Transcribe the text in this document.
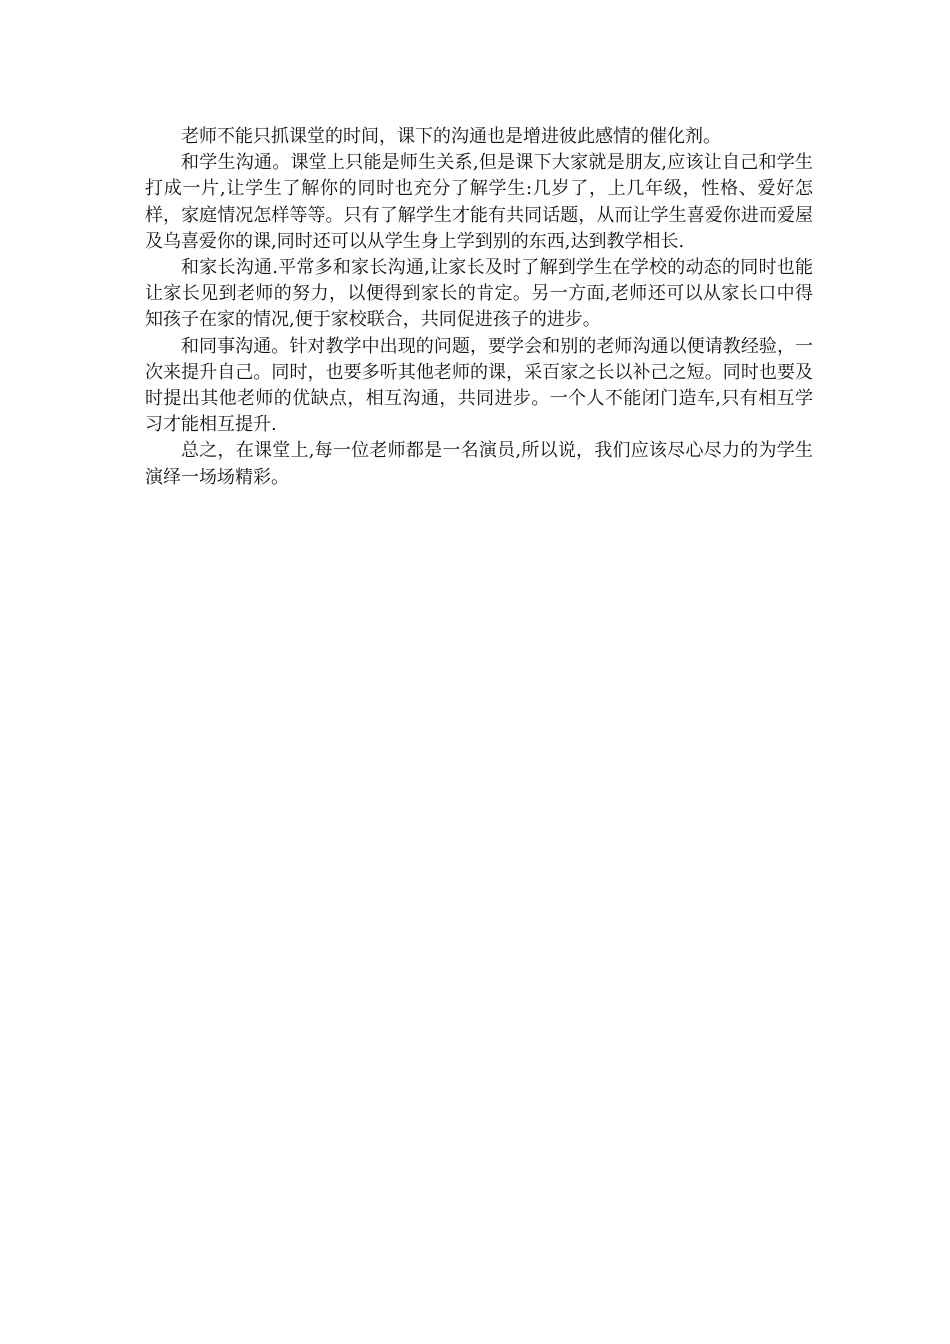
老师不能只抓课堂的时间，课下的沟通也是增进彼此感情的催化剂。

和学生沟通。课堂上只能是师生关系,但是课下大家就是朋友,应该让自己和学生打成一片,让学生了解你的同时也充分了解学生:几岁了，上几年级，性格、爱好怎样，家庭情况怎样等等。只有了解学生才能有共同话题，从而让学生喜爱你进而爱屋及乌喜爱你的课,同时还可以从学生身上学到别的东西,达到教学相长.

和家长沟通.平常多和家长沟通,让家长及时了解到学生在学校的动态的同时也能让家长见到老师的努力，以便得到家长的肯定。另一方面,老师还可以从家长口中得知孩子在家的情况,便于家校联合，共同促进孩子的进步。

和同事沟通。针对教学中出现的问题，要学会和别的老师沟通以便请教经验，一次来提升自己。同时，也要多听其他老师的课，采百家之长以补己之短。同时也要及时提出其他老师的优缺点，相互沟通，共同进步。一个人不能闭门造车,只有相互学习才能相互提升.

总之，在课堂上,每一位老师都是一名演员,所以说，我们应该尽心尽力的为学生演绎一场场精彩。
